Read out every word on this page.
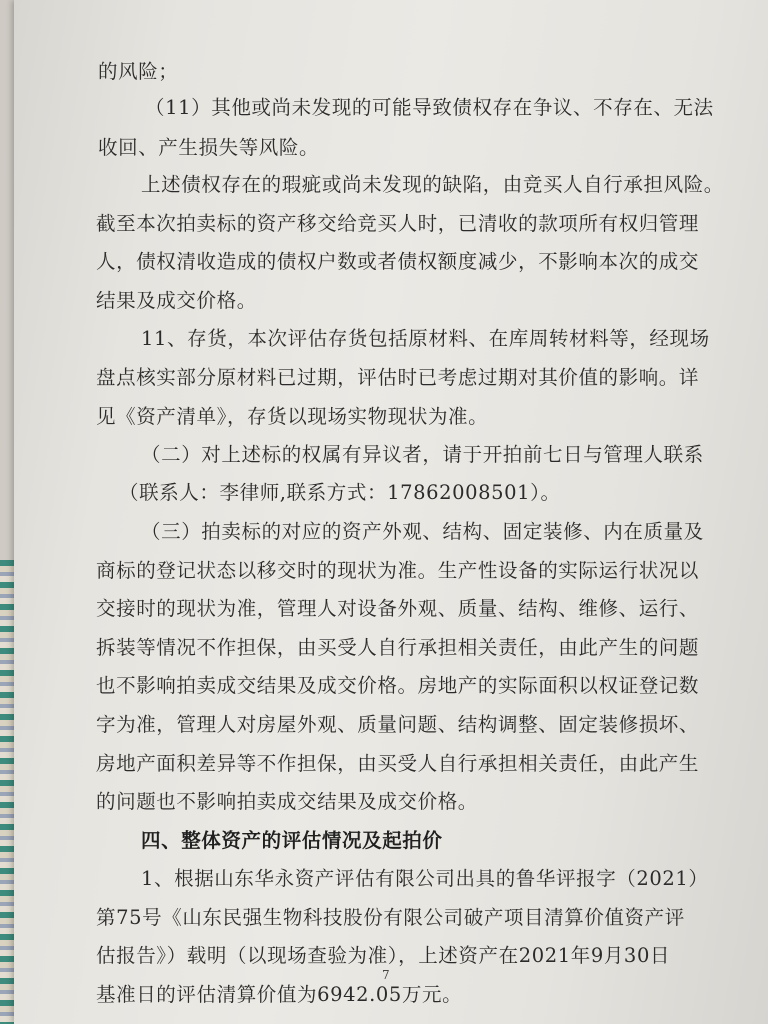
的风险；
（11）其他或尚未发现的可能导致债权存在争议、不存在、无法
收回、产生损失等风险。
上述债权存在的瑕疵或尚未发现的缺陷，由竞买人自行承担风险。
截至本次拍卖标的资产移交给竞买人时，已清收的款项所有权归管理
人，债权清收造成的债权户数或者债权额度减少，不影响本次的成交
结果及成交价格。
11、存货，本次评估存货包括原材料、在库周转材料等，经现场
盘点核实部分原材料已过期，评估时已考虑过期对其价值的影响。详
见《资产清单》，存货以现场实物现状为准。
（二）对上述标的权属有异议者，请于开拍前七日与管理人联系
（联系人：李律师,联系方式：17862008501）。
（三）拍卖标的对应的资产外观、结构、固定装修、内在质量及
商标的登记状态以移交时的现状为准。生产性设备的实际运行状况以
交接时的现状为准，管理人对设备外观、质量、结构、维修、运行、
拆装等情况不作担保，由买受人自行承担相关责任，由此产生的问题
也不影响拍卖成交结果及成交价格。房地产的实际面积以权证登记数
字为准，管理人对房屋外观、质量问题、结构调整、固定装修损坏、
房地产面积差异等不作担保，由买受人自行承担相关责任，由此产生
的问题也不影响拍卖成交结果及成交价格。
四、整体资产的评估情况及起拍价
1、根据山东华永资产评估有限公司出具的鲁华评报字（2021）
第75号《山东民强生物科技股份有限公司破产项目清算价值资产评
估报告》）载明（以现场查验为准），上述资产在2021年9月30日
基准日的评估清算价值为6942.05万元。
7
